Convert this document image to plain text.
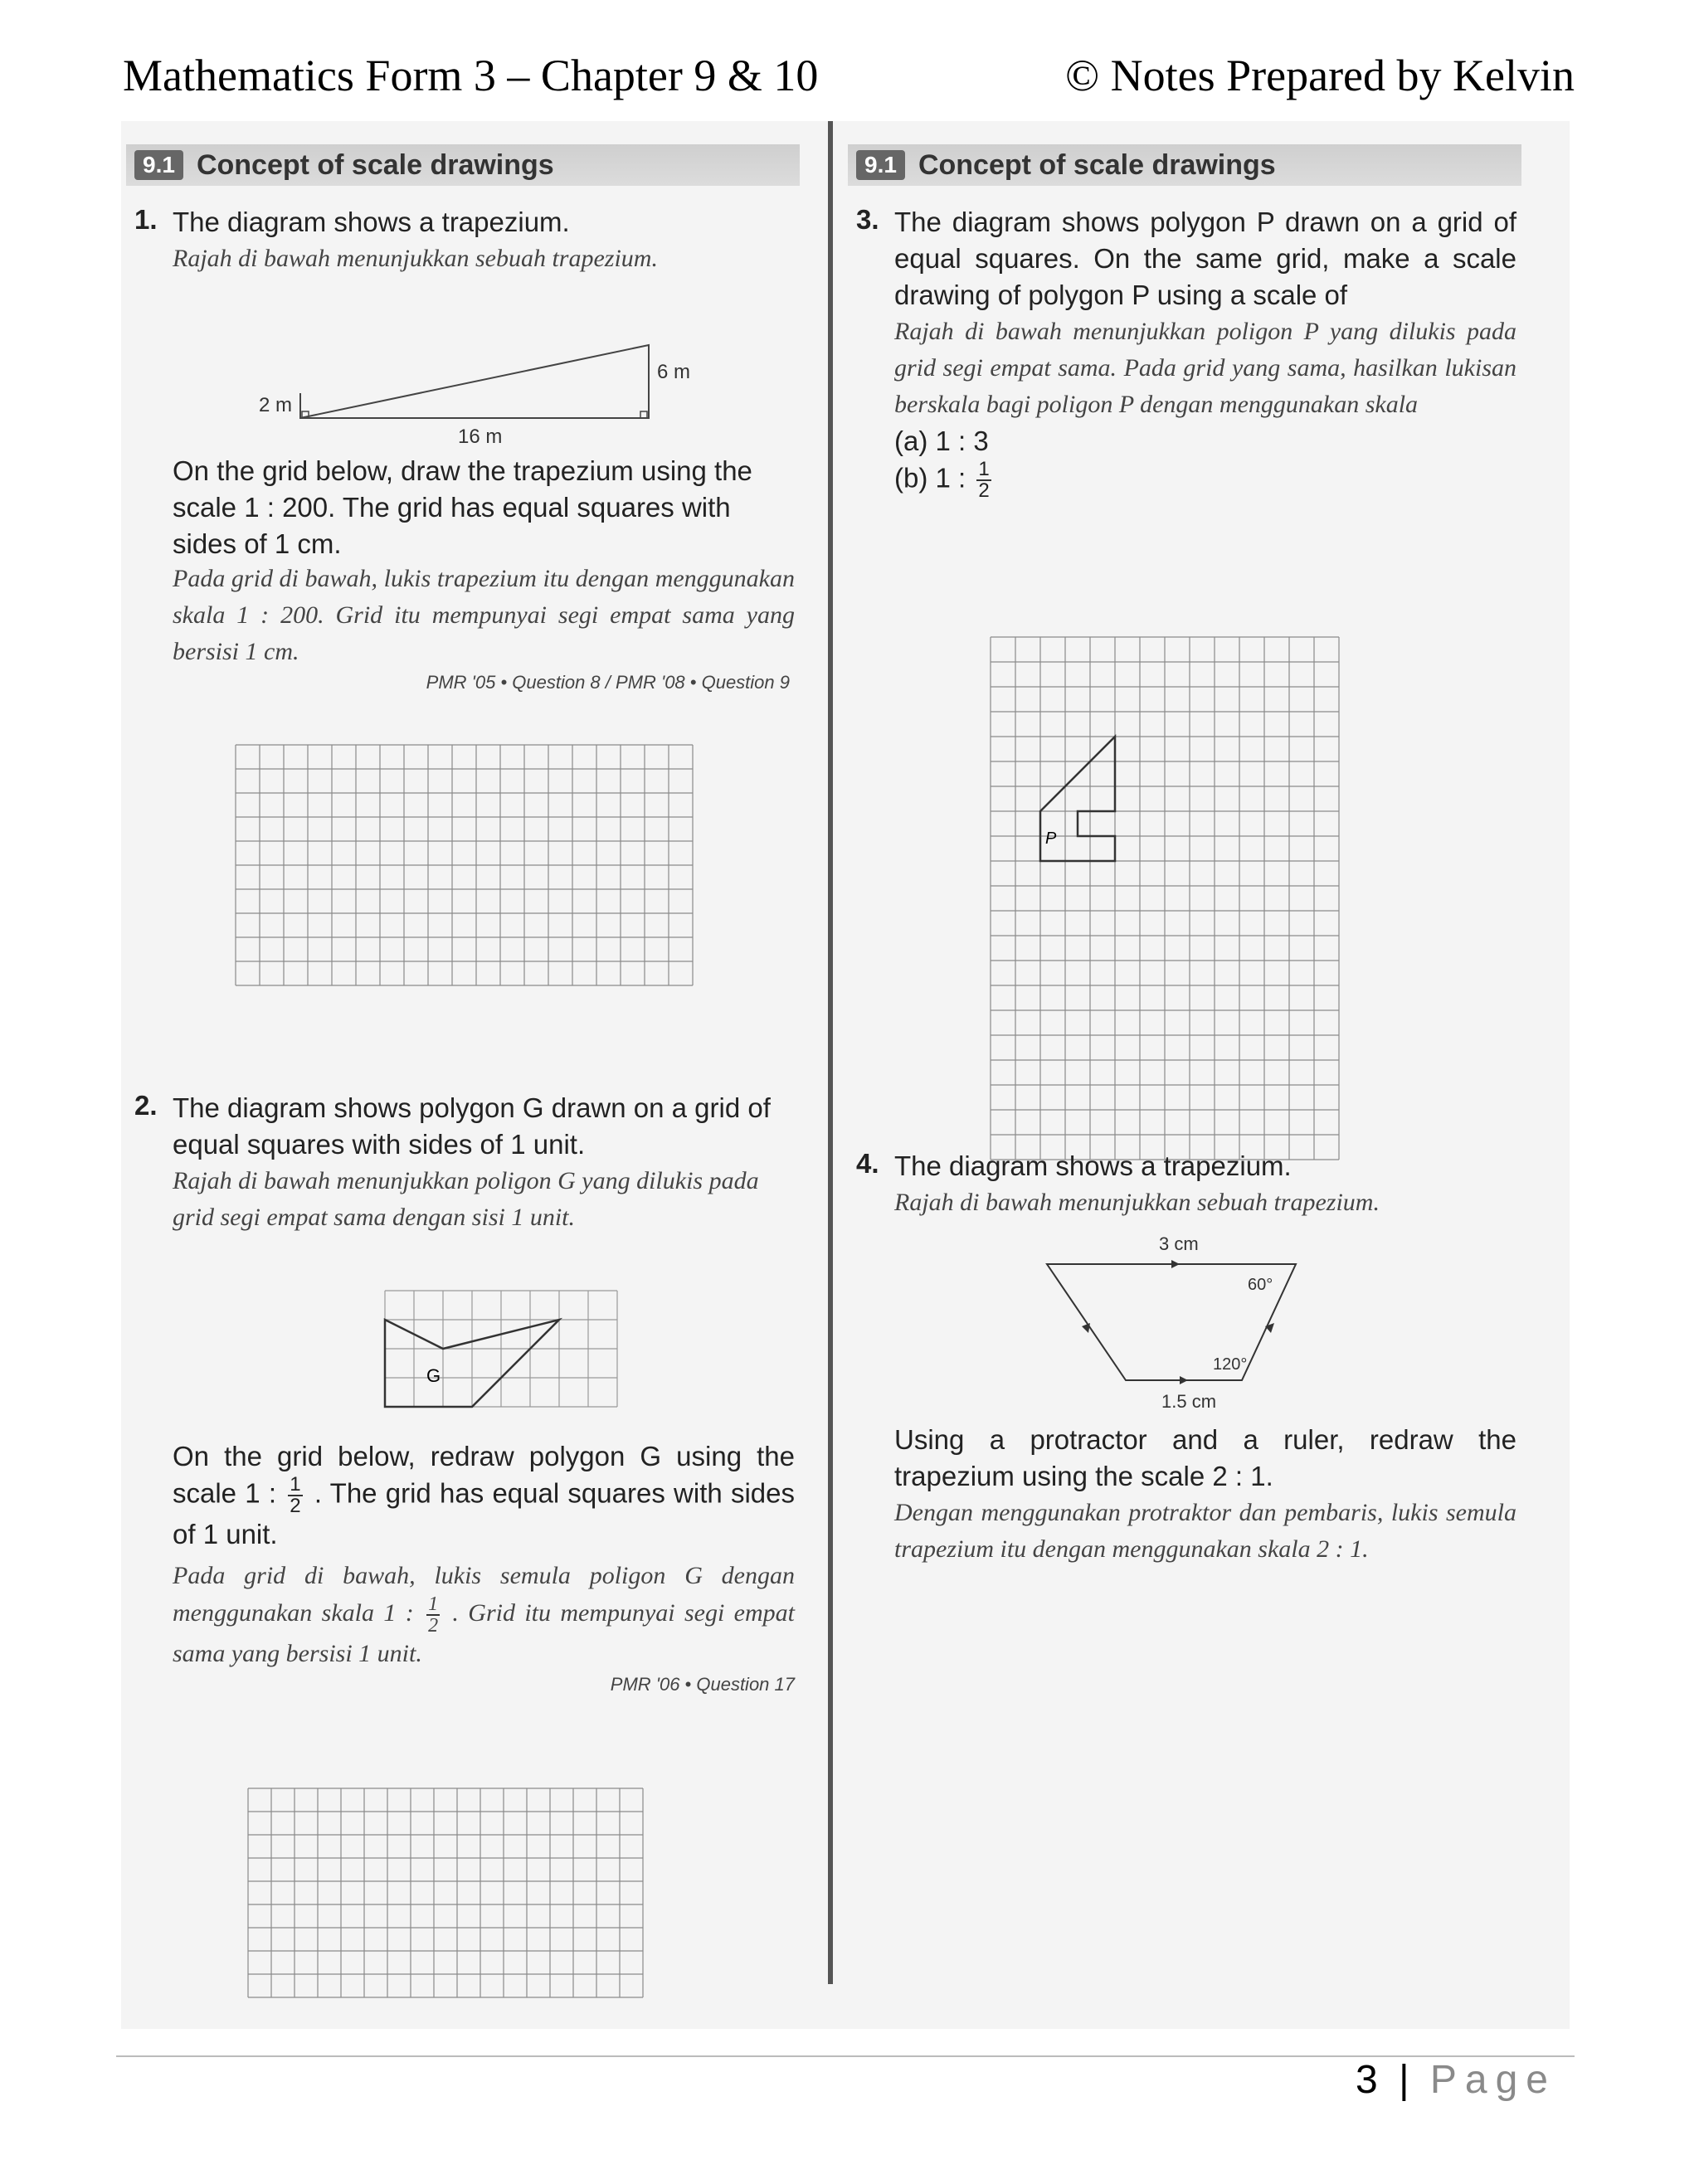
Mathematics Form 3 – Chapter 9 & 10	© Notes Prepared by Kelvin
9.1 Concept of scale drawings
1. The diagram shows a trapezium.
Rajah di bawah menunjukkan sebuah trapezium.
2 m
6 m
16 m
On the grid below, draw the trapezium using the scale 1 : 200. The grid has equal squares with sides of 1 cm.
Pada grid di bawah, lukis trapezium itu dengan menggunakan skala 1 : 200. Grid itu mempunyai segi empat sama yang bersisi 1 cm.
PMR '05 • Question 8 / PMR '08 • Question 9
2. The diagram shows polygon G drawn on a grid of equal squares with sides of 1 unit.
Rajah di bawah menunjukkan poligon G yang dilukis pada grid segi empat sama dengan sisi 1 unit.
G
On the grid below, redraw polygon G using the scale 1 : $\frac{1}{2}$ . The grid has equal squares with sides of 1 unit.
Pada grid di bawah, lukis semula poligon G dengan menggunakan skala 1 : $\frac{1}{2}$ . Grid itu mempunyai segi empat sama yang bersisi 1 unit.
PMR '06 • Question 17
9.1 Concept of scale drawings
3. The diagram shows polygon P drawn on a grid of equal squares. On the same grid, make a scale drawing of polygon P using a scale of
Rajah di bawah menunjukkan poligon P yang dilukis pada grid segi empat sama. Pada grid yang sama, hasilkan lukisan berskala bagi poligon P dengan menggunakan skala
(a) 1 : 3
(b) 1 : $\frac{1}{2}$
P
4. The diagram shows a trapezium.
Rajah di bawah menunjukkan sebuah trapezium.
3 cm
60°
120°
1.5 cm
Using a protractor and a ruler, redraw the trapezium using the scale 2 : 1.
Dengan menggunakan protraktor dan pembaris, lukis semula trapezium itu dengan menggunakan skala 2 : 1.
3 | Page
